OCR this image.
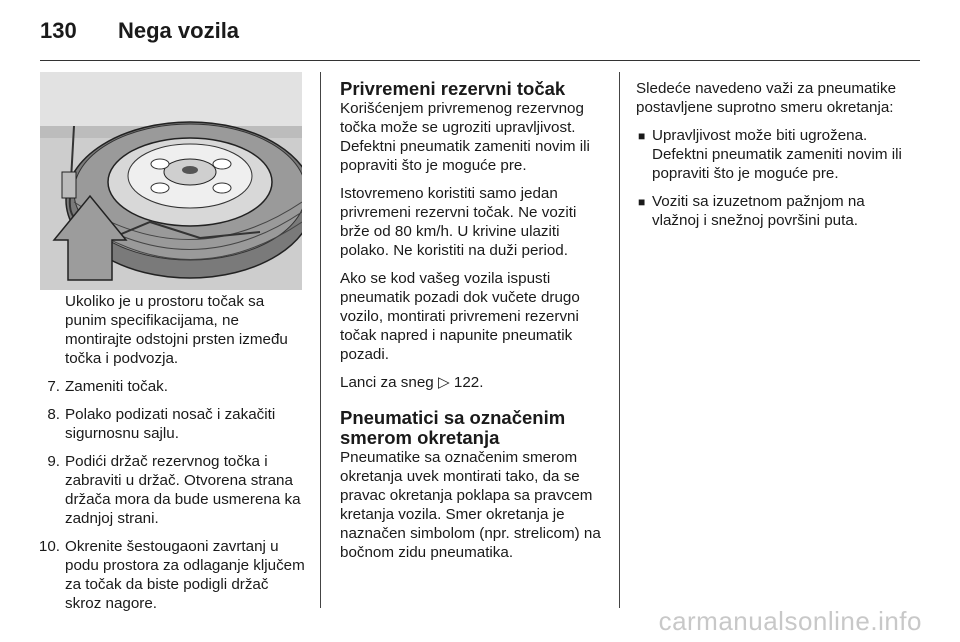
130 Nega vozila

Ukoliko je u prostoru točak sa punim specifikacijama, ne montirajte odstojni prsten između točka i podvozja.

7. Zameniti točak.
8. Polako podizati nosač i zakačiti sigurnosnu sajlu.
9. Podići držač rezervnog točka i zabraviti u držač. Otvorena strana držača mora da bude usmerena ka zadnjoj strani.
10. Okrenite šestougaoni zavrtanj u podu prostora za odlaganje ključem za točak da biste podigli držač skroz nagore.
Privremeni rezervni točak

Korišćenjem privremenog rezervnog točka može se ugroziti upravljivost. Defektni pneumatik zameniti novim ili popraviti što je moguće pre.

Istovremeno koristiti samo jedan privremeni rezervni točak. Ne voziti brže od 80 km/h. U krivine ulaziti polako. Ne koristiti na duži period.

Ako se kod vašeg vozila ispusti pneumatik pozadi dok vučete drugo vozilo, montirati privremeni rezervni točak napred i napunite pneumatik pozadi.

Lanci za sneg ▷ 122.

Pneumatici sa označenim smerom okretanja

Pneumatike sa označenim smerom okretanja uvek montirati tako, da se pravac okretanja poklapa sa pravcem kretanja vozila. Smer okretanja je naznačen simbolom (npr. strelicom) na bočnom zidu pneumatika.

Sledeće navedeno važi za pneumatike postavljene suprotno smeru okretanja:

■ Upravljivost može biti ugrožena. Defektni pneumatik zameniti novim ili popraviti što je moguće pre.
■ Voziti sa izuzetnom pažnjom na vlažnoj i snežnoj površini puta.
carmanualsonline.info
